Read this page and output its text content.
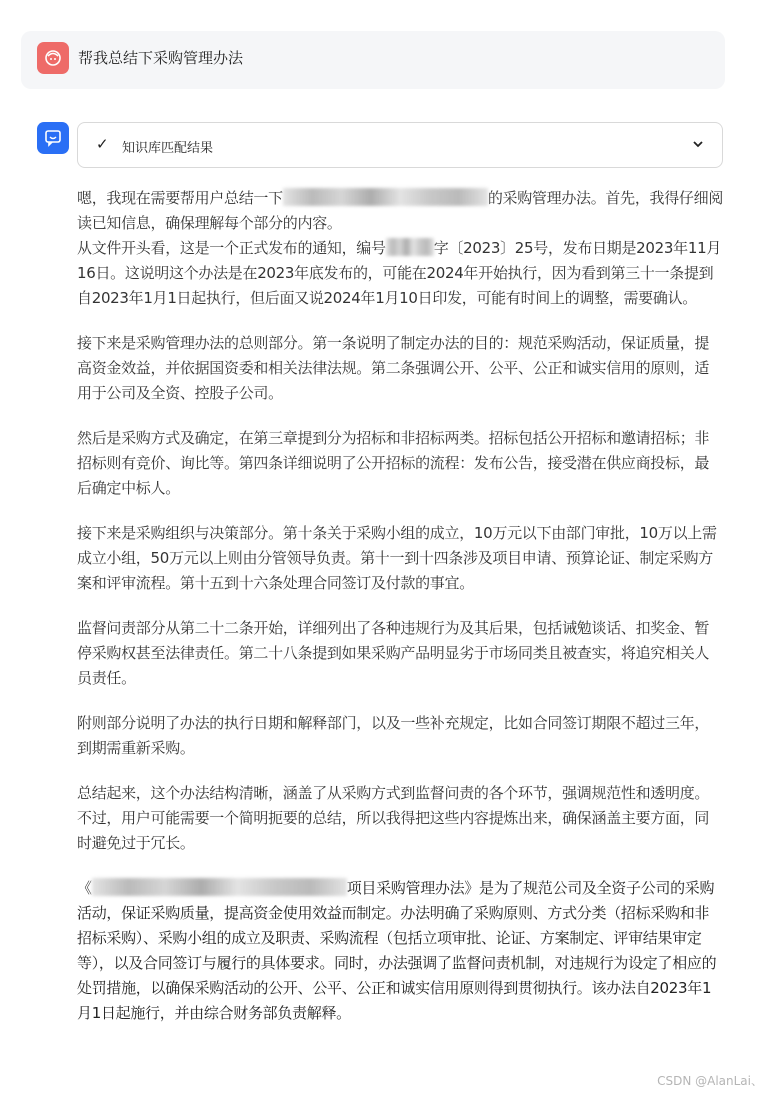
帮我总结下采购管理办法
✓ 知识库匹配结果

嗯，我现在需要帮用户总结一下	的采购管理办法。首先，我得仔细阅读已知信息，确保理解每个部分的内容。
从文件开头看，这是一个正式发布的通知，编号	字〔2023〕25号，发布日期是2023年11月16日。这说明这个办法是在2023年底发布的，可能在2024年开始执行，因为看到第三十一条提到自2023年1月1日起执行，但后面又说2024年1月10日印发，可能有时间上的调整，需要确认。

接下来是采购管理办法的总则部分。第一条说明了制定办法的目的：规范采购活动，保证质量，提高资金效益，并依据国资委和相关法律法规。第二条强调公开、公平、公正和诚实信用的原则，适用于公司及全资、控股子公司。

然后是采购方式及确定，在第三章提到分为招标和非招标两类。招标包括公开招标和邀请招标；非招标则有竞价、询比等。第四条详细说明了公开招标的流程：发布公告，接受潜在供应商投标，最后确定中标人。

接下来是采购组织与决策部分。第十条关于采购小组的成立，10万元以下由部门审批，10万以上需成立小组，50万元以上则由分管领导负责。第十一到十四条涉及项目申请、预算论证、制定采购方案和评审流程。第十五到十六条处理合同签订及付款的事宜。

监督问责部分从第二十二条开始，详细列出了各种违规行为及其后果，包括诫勉谈话、扣奖金、暂停采购权甚至法律责任。第二十八条提到如果采购产品明显劣于市场同类且被查实，将追究相关人员责任。

附则部分说明了办法的执行日期和解释部门，以及一些补充规定，比如合同签订期限不超过三年，到期需重新采购。

总结起来，这个办法结构清晰，涵盖了从采购方式到监督问责的各个环节，强调规范性和透明度。不过，用户可能需要一个简明扼要的总结，所以我得把这些内容提炼出来，确保涵盖主要方面，同时避免过于冗长。

《	项目采购管理办法》是为了规范公司及全资子公司的采购活动，保证采购质量，提高资金使用效益而制定。办法明确了采购原则、方式分类（招标采购和非招标采购）、采购小组的成立及职责、采购流程（包括立项审批、论证、方案制定、评审结果审定等），以及合同签订与履行的具体要求。同时，办法强调了监督问责机制，对违规行为设定了相应的处罚措施，以确保采购活动的公开、公平、公正和诚实信用原则得到贯彻执行。该办法自2023年1月1日起施行，并由综合财务部负责解释。

CSDN @AlanLai、
